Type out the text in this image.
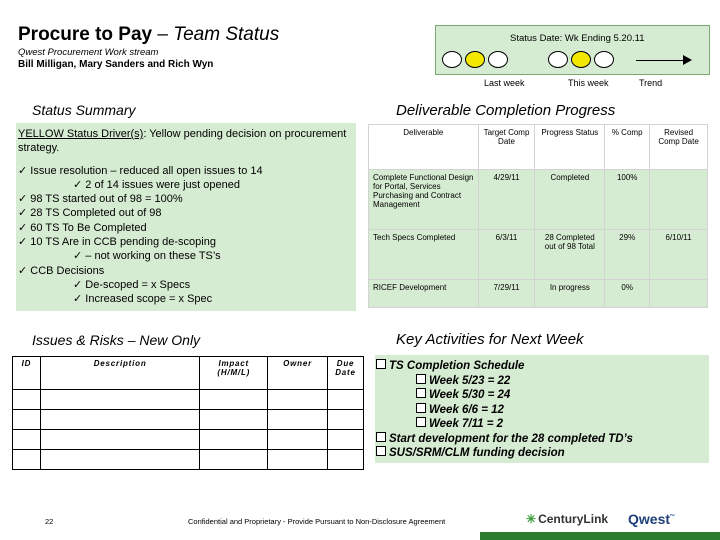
Procure to Pay – Team Status
Qwest Procurement Work stream
Bill Milligan, Mary Sanders and Rich Wyn
Status Date: Wk Ending 5.20.11
Last week	This week	Trend
Status Summary
YELLOW Status Driver(s): Yellow pending decision on procurement strategy.
✓ Issue resolution – reduced all open issues to 14
✓ 2 of 14 issues were just opened
✓ 98 TS started out of 98 = 100%
✓ 28 TS Completed out of 98
✓ 60 TS To Be Completed
✓ 10 TS Are in CCB pending de-scoping
✓ – not working on these TS’s
✓ CCB Decisions
✓ De-scoped = x Specs
✓ Increased scope = x Spec
Deliverable Completion Progress
Deliverable	Target Comp Date	Progress Status	% Comp	Revised Comp Date
Complete Functional Design for Portal, Services Purchasing and Contract Management	4/29/11	Completed	100%	
Tech Specs Completed	6/3/11	28 Completed out of 98 Total	29%	6/10/11
RICEF Development	7/29/11	In progress	0%	
Issues & Risks – New Only
ID	Description	Impact (H/M/L)	Owner	Due Date

Key Activities for Next Week
TS Completion Schedule
Week 5/23 = 22
Week 5/30 = 24
Week 6/6 = 12
Week 7/11 = 2
Start development for the 28 completed TD’s
SUS/SRM/CLM funding decision
22	Confidential and Proprietary - Provide Pursuant to Non-Disclosure Agreement	✳ CenturyLink Qwest˜
